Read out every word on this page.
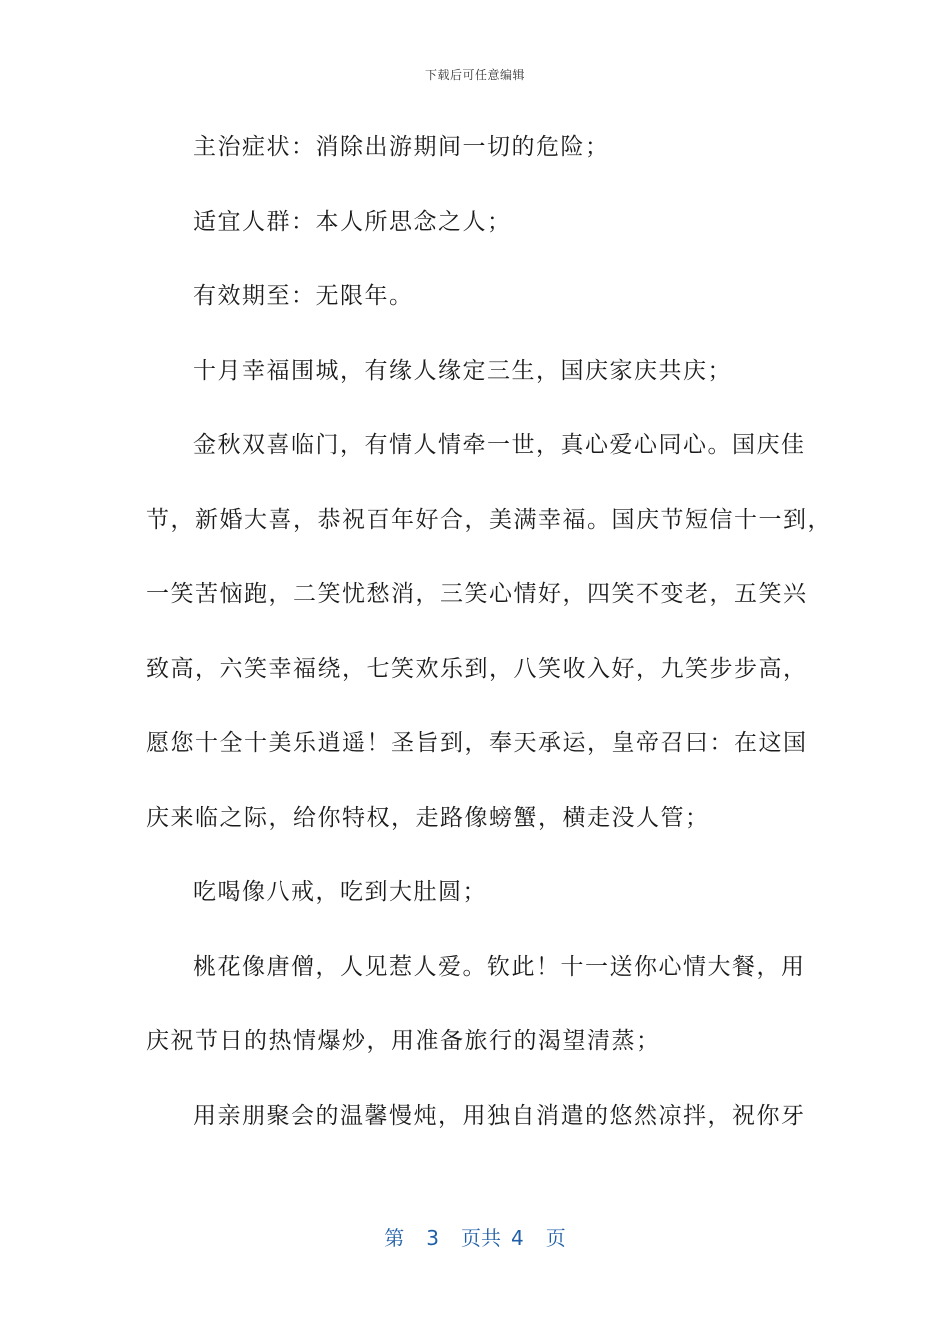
下载后可任意编辑
主治症状：消除出游期间一切的危险；
适宜人群：本人所思念之人；
有效期至：无限年。
十月幸福围城，有缘人缘定三生，国庆家庆共庆；
金秋双喜临门，有情人情牵一世，真心爱心同心。国庆佳
节，新婚大喜，恭祝百年好合，美满幸福。国庆节短信十一到，
一笑苦恼跑，二笑忧愁消，三笑心情好，四笑不变老，五笑兴
致高，六笑幸福绕，七笑欢乐到，八笑收入好，九笑步步高，
愿您十全十美乐逍遥！圣旨到，奉天承运，皇帝召曰：在这国
庆来临之际，给你特权，走路像螃蟹，横走没人管；
吃喝像八戒，吃到大肚圆；
桃花像唐僧，人见惹人爱。钦此！十一送你心情大餐，用
庆祝节日的热情爆炒，用准备旅行的渴望清蒸；
用亲朋聚会的温馨慢炖，用独自消遣的悠然凉拌，祝你牙
第 3 页共 4 页
